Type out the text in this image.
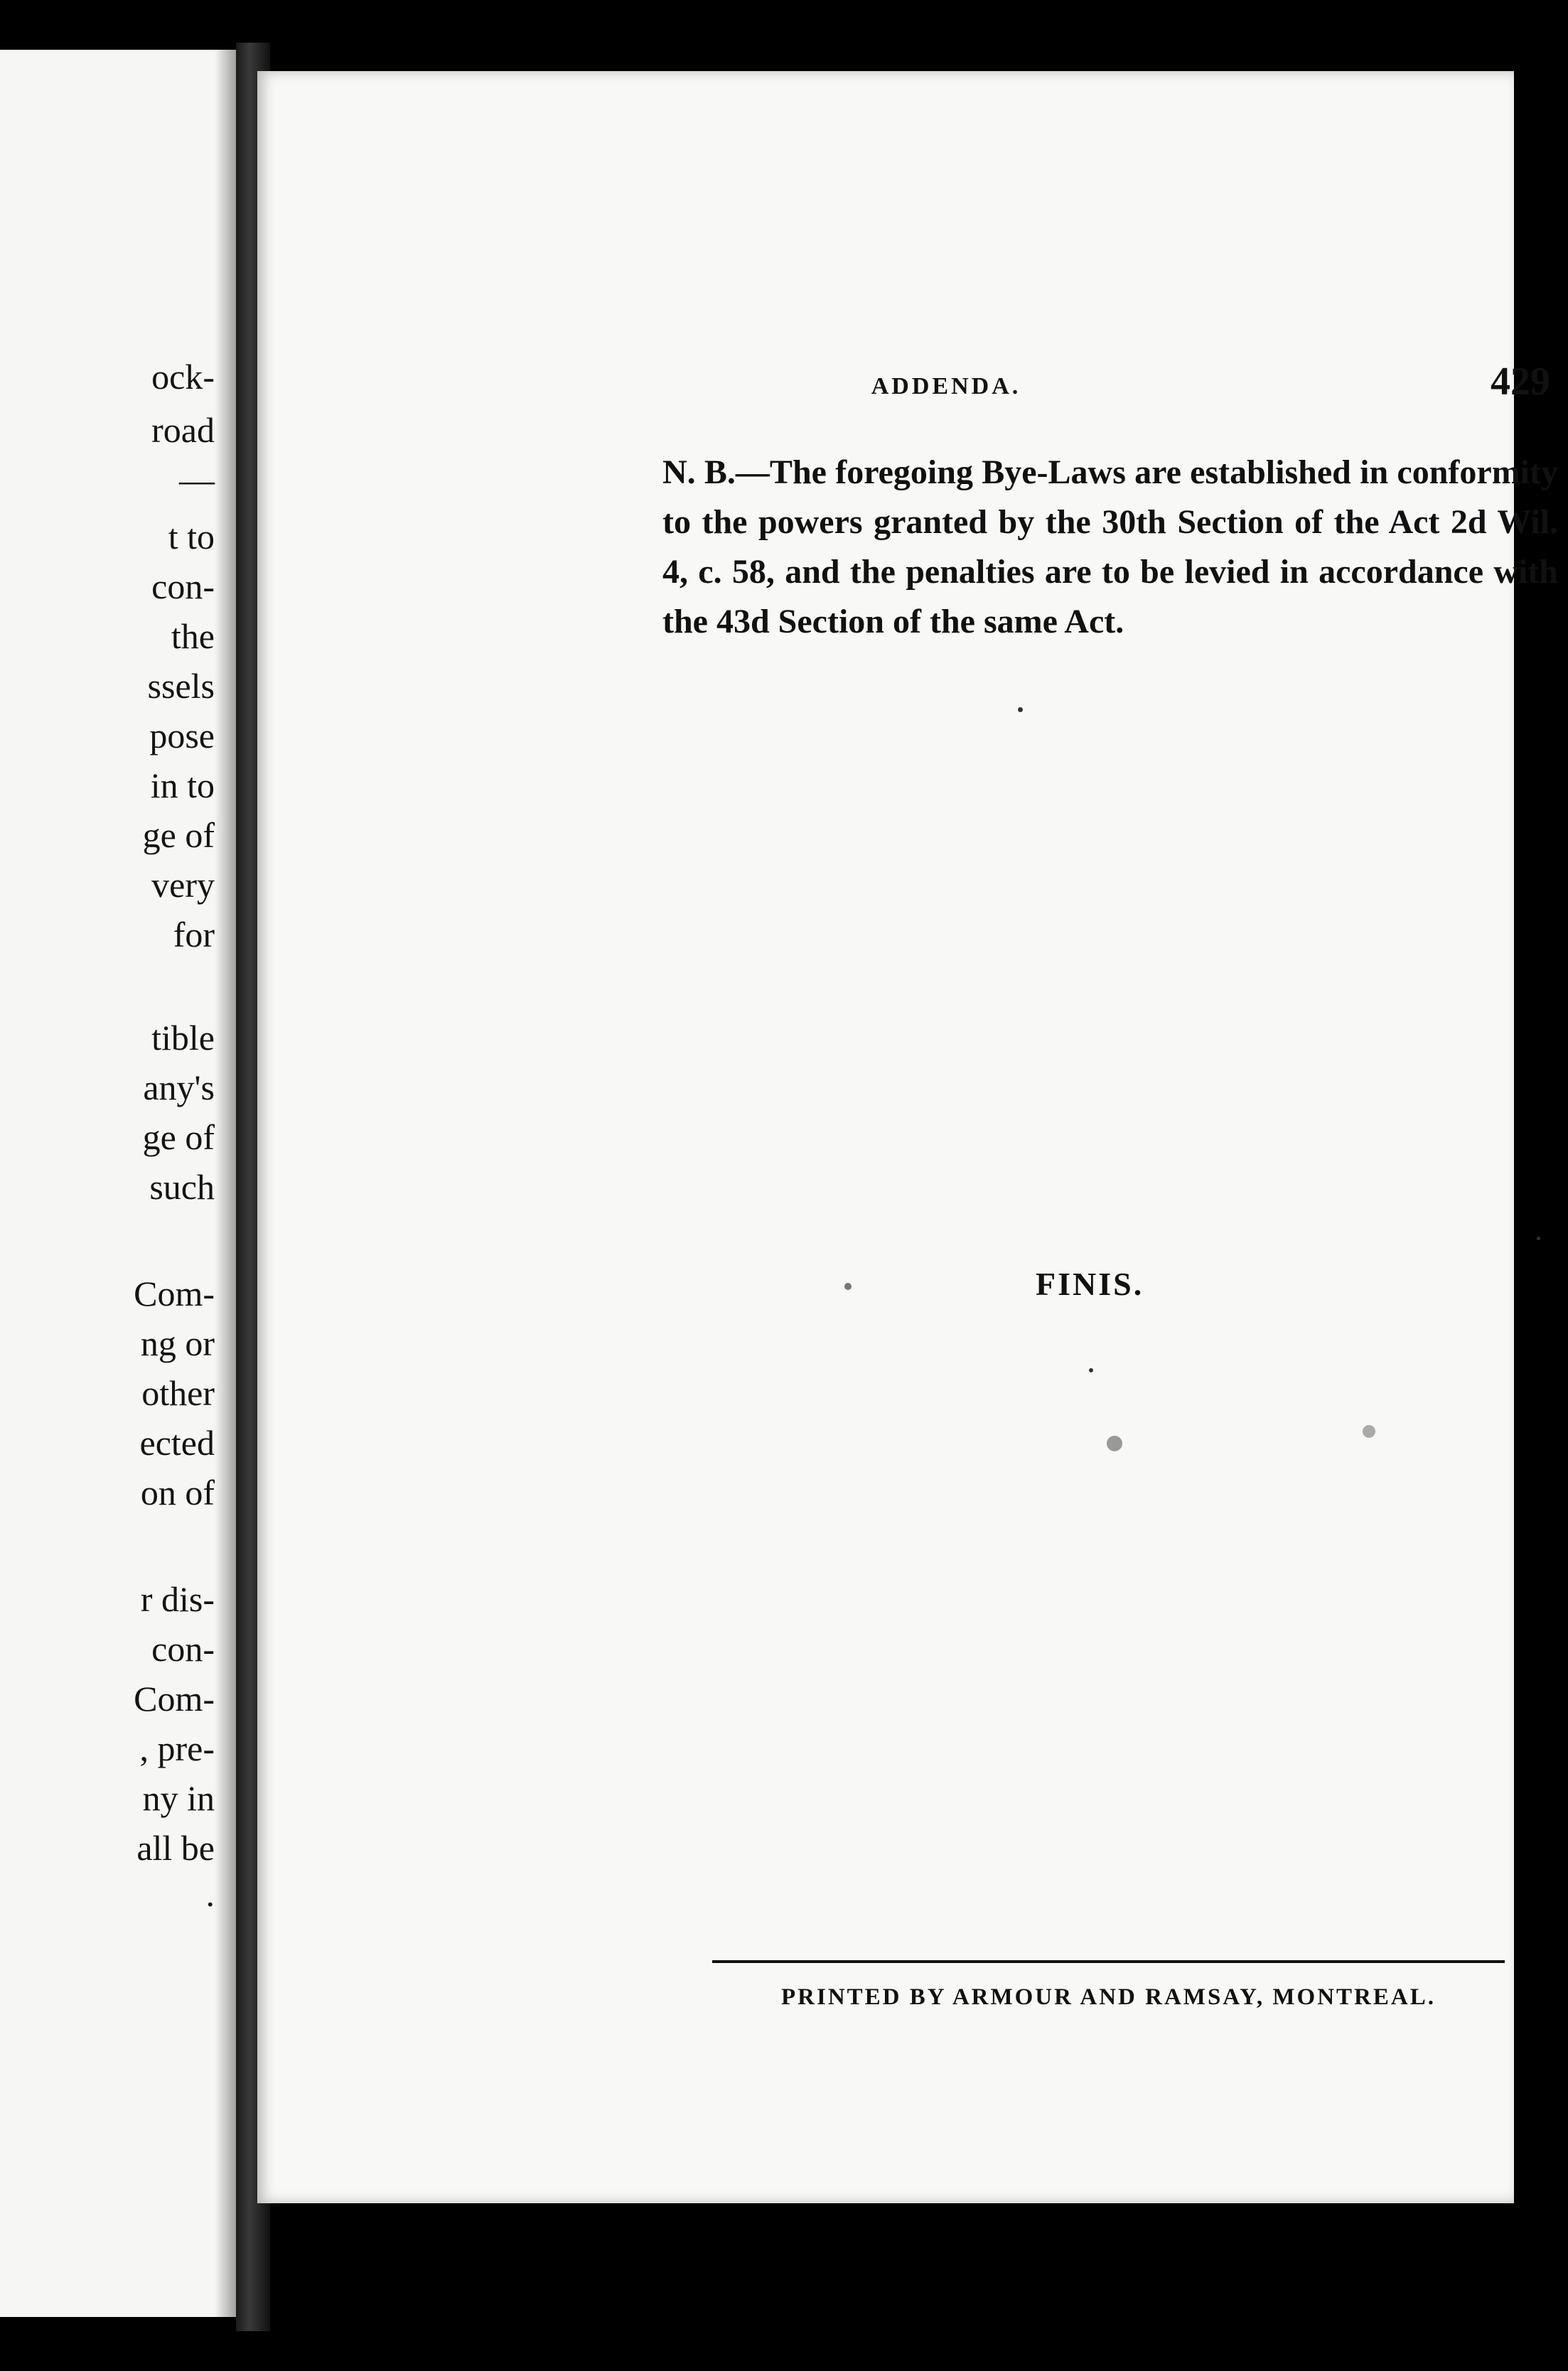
ock-
road
—
t to
con-
the
ssels
pose
in to
ge of
very
for
tible
any's
ge of
such
Com-
ng or
other
ected
on of
r dis-
con-
Com-
, pre-
ny in
all be
.
ADDENDA.	429
N. B.—The foregoing Bye-Laws are established in conformity to the powers granted by the 30th Section of the Act 2d Wil. 4, c. 58, and the penalties are to be levied in accordance with the 43d Section of the same Act.
FINIS.
PRINTED BY ARMOUR AND RAMSAY, MONTREAL.
